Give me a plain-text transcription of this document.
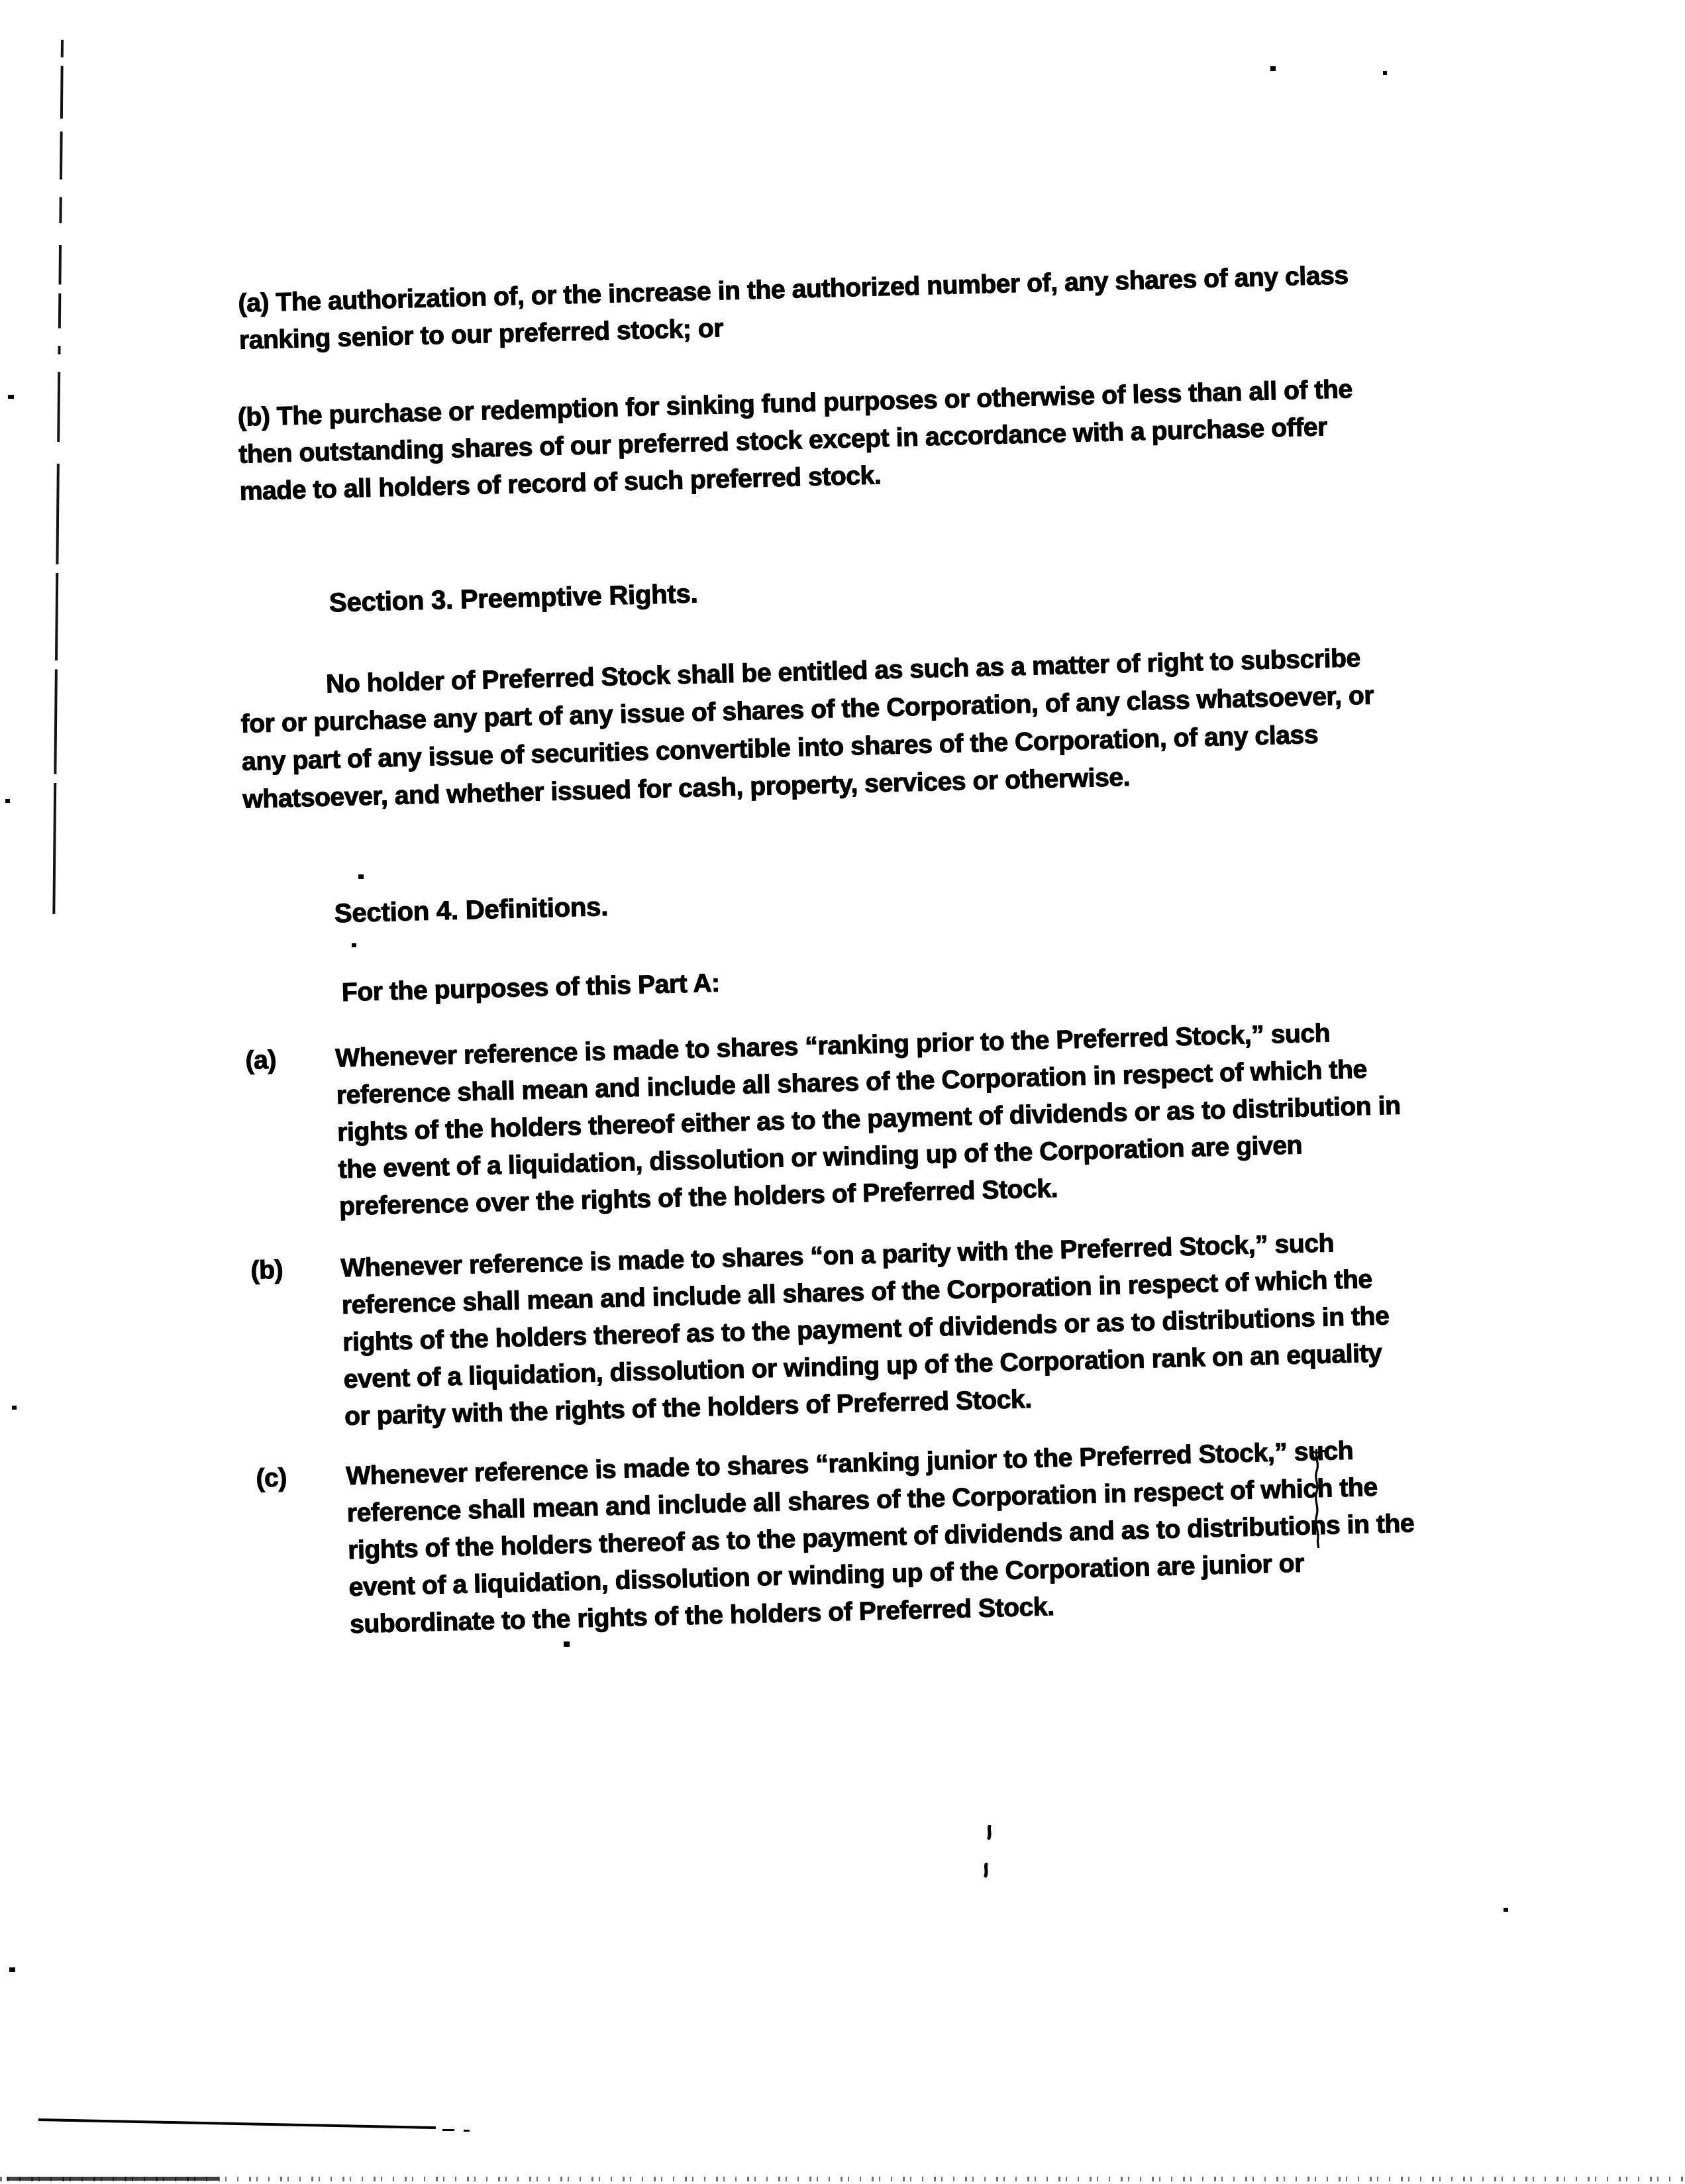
(a) The authorization of, or the increase in the authorized number of, any shares of any class ranking senior to our preferred stock; or
(b) The purchase or redemption for sinking fund purposes or otherwise of less than all of the then outstanding shares of our preferred stock except in accordance with a purchase offer made to all holders of record of such preferred stock.
Section 3. Preemptive Rights.
No holder of Preferred Stock shall be entitled as such as a matter of right to subscribe for or purchase any part of any issue of shares of the Corporation, of any class whatsoever, or any part of any issue of securities convertible into shares of the Corporation, of any class whatsoever, and whether issued for cash, property, services or otherwise.
Section 4. Definitions.
For the purposes of this Part A:
(a)	Whenever reference is made to shares “ranking prior to the Preferred Stock,” such reference shall mean and include all shares of the Corporation in respect of which the rights of the holders thereof either as to the payment of dividends or as to distribution in the event of a liquidation, dissolution or winding up of the Corporation are given preference over the rights of the holders of Preferred Stock.
(b)	Whenever reference is made to shares “on a parity with the Preferred Stock,” such reference shall mean and include all shares of the Corporation in respect of which the rights of the holders thereof as to the payment of dividends or as to distributions in the event of a liquidation, dissolution or winding up of the Corporation rank on an equality or parity with the rights of the holders of Preferred Stock.
(c)	Whenever reference is made to shares “ranking junior to the Preferred Stock,” such reference shall mean and include all shares of the Corporation in respect of which the rights of the holders thereof as to the payment of dividends and as to distributions in the event of a liquidation, dissolution or winding up of the Corporation are junior or subordinate to the rights of the holders of Preferred Stock.
